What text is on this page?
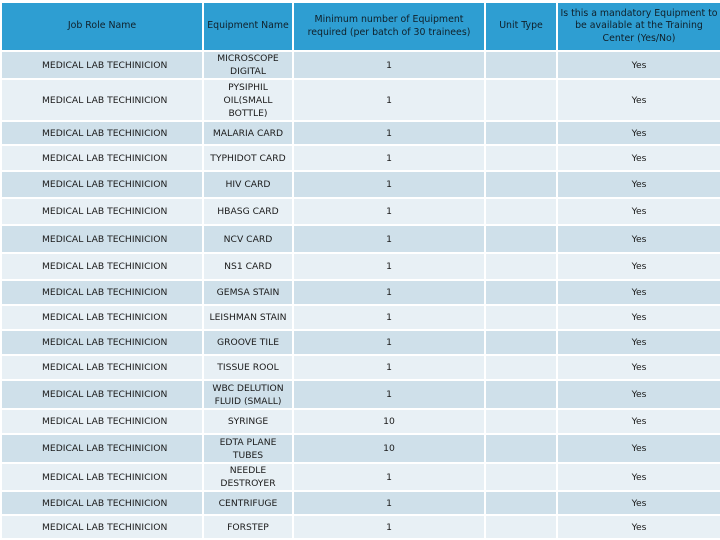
Job Role Name	Equipment Name	Minimum number of Equipment required (per batch of 30 trainees)	Unit Type	Is this a mandatory Equipment to be available at the Training Center (Yes/No)
MEDICAL LAB TECHINICION	MICROSCOPE DIGITAL	1		Yes
MEDICAL LAB TECHINICION	PYSIPHIL OIL(SMALL BOTTLE)	1		Yes
MEDICAL LAB TECHINICION	MALARIA CARD	1		Yes
MEDICAL LAB TECHINICION	TYPHIDOT CARD	1		Yes
MEDICAL LAB TECHINICION	HIV CARD	1		Yes
MEDICAL LAB TECHINICION	HBASG CARD	1		Yes
MEDICAL LAB TECHINICION	NCV CARD	1		Yes
MEDICAL LAB TECHINICION	NS1 CARD	1		Yes
MEDICAL LAB TECHINICION	GEMSA STAIN	1		Yes
MEDICAL LAB TECHINICION	LEISHMAN STAIN	1		Yes
MEDICAL LAB TECHINICION	GROOVE TILE	1		Yes
MEDICAL LAB TECHINICION	TISSUE ROOL	1		Yes
MEDICAL LAB TECHINICION	WBC DELUTION FLUID (SMALL)	1		Yes
MEDICAL LAB TECHINICION	SYRINGE	10		Yes
MEDICAL LAB TECHINICION	EDTA PLANE TUBES	10		Yes
MEDICAL LAB TECHINICION	NEEDLE DESTROYER	1		Yes
MEDICAL LAB TECHINICION	CENTRIFUGE	1		Yes
MEDICAL LAB TECHINICION	FORSTEP	1		Yes
